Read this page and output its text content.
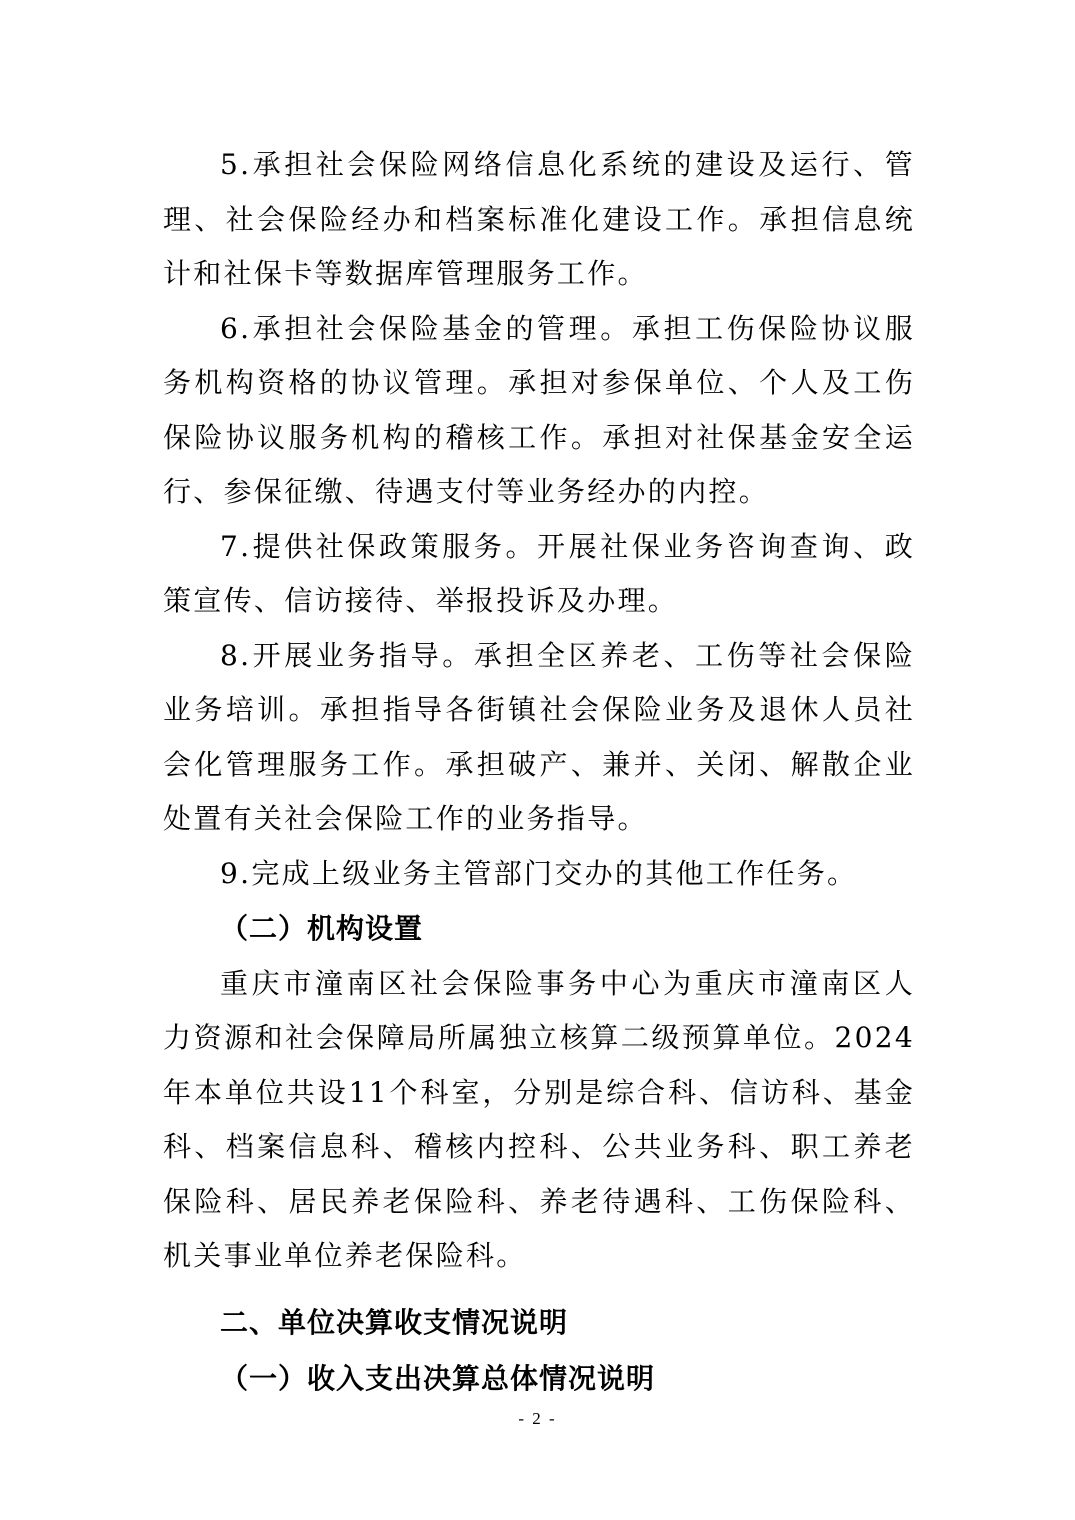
5.承担社会保险网络信息化系统的建设及运行、管理、社会保险经办和档案标准化建设工作。承担信息统计和社保卡等数据库管理服务工作。

6.承担社会保险基金的管理。承担工伤保险协议服务机构资格的协议管理。承担对参保单位、个人及工伤保险协议服务机构的稽核工作。承担对社保基金安全运行、参保征缴、待遇支付等业务经办的内控。

7.提供社保政策服务。开展社保业务咨询查询、政策宣传、信访接待、举报投诉及办理。

8.开展业务指导。承担全区养老、工伤等社会保险业务培训。承担指导各街镇社会保险业务及退休人员社会化管理服务工作。承担破产、兼并、关闭、解散企业处置有关社会保险工作的业务指导。

9.完成上级业务主管部门交办的其他工作任务。

（二）机构设置

重庆市潼南区社会保险事务中心为重庆市潼南区人力资源和社会保障局所属独立核算二级预算单位。2024年本单位共设11个科室，分别是综合科、信访科、基金科、档案信息科、稽核内控科、公共业务科、职工养老保险科、居民养老保险科、养老待遇科、工伤保险科、机关事业单位养老保险科。

二、单位决算收支情况说明

（一）收入支出决算总体情况说明

- 2 -
